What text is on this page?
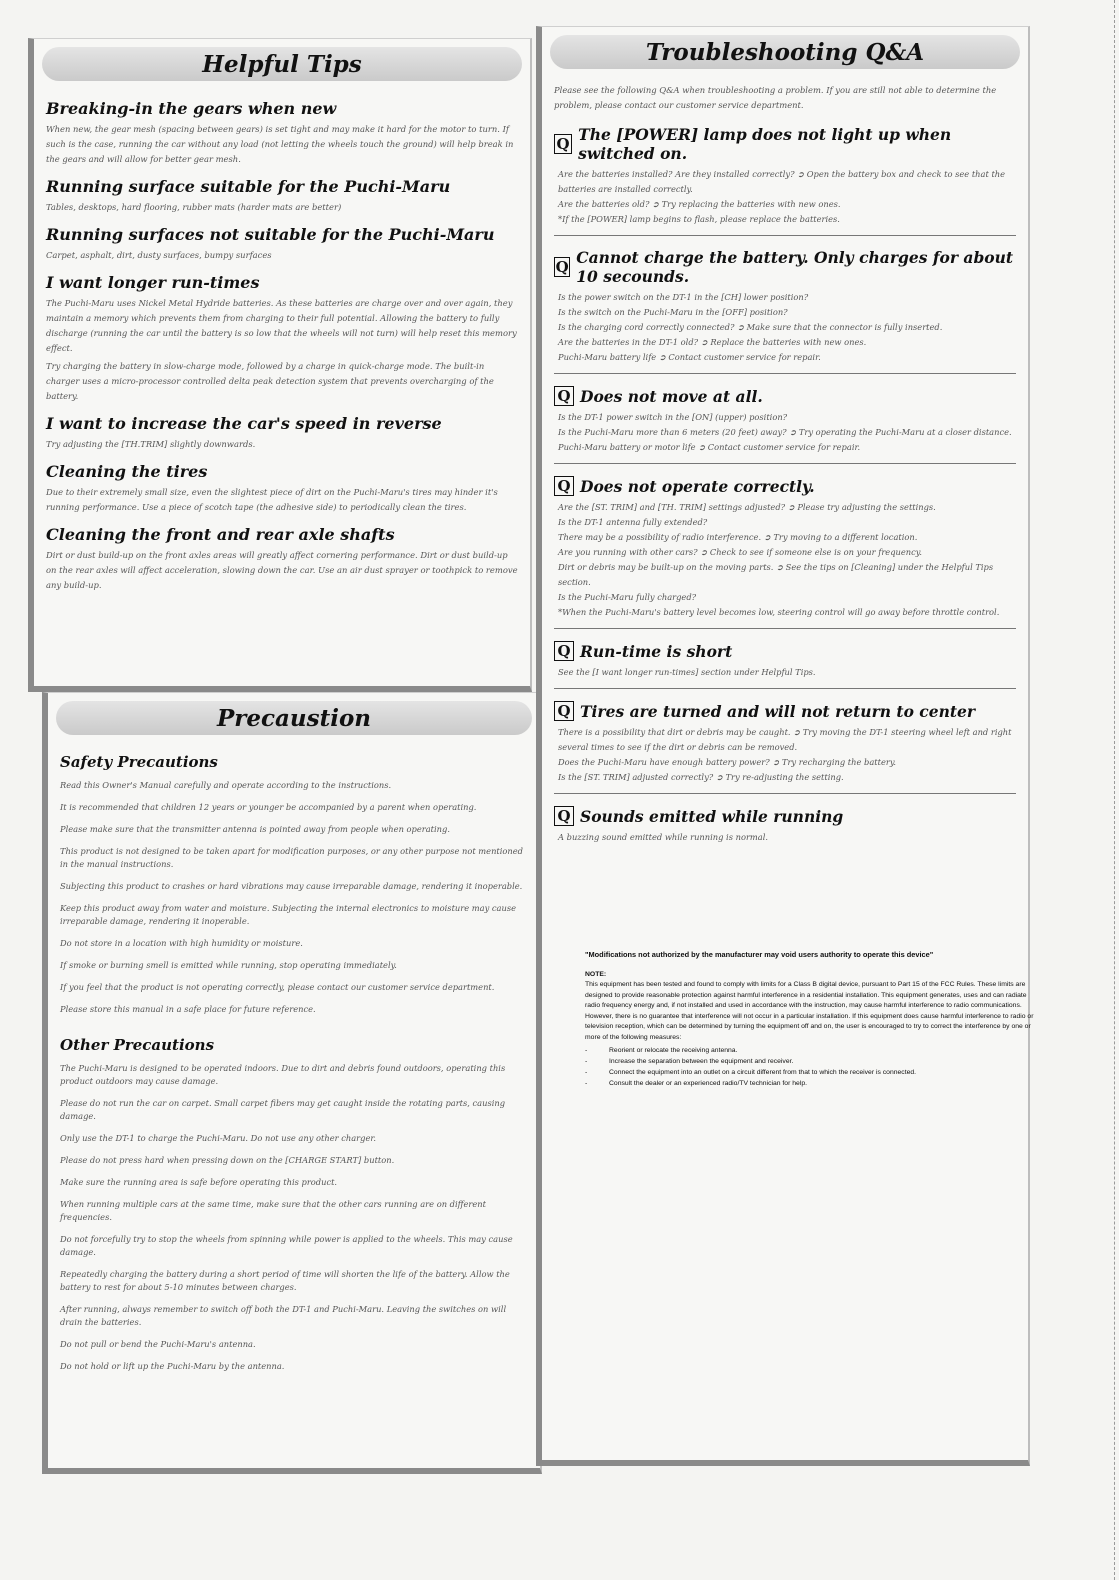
Helpful Tips
Breaking-in the gears when new

When new, the gear mesh (spacing between gears) is set tight and may make it hard for the motor to turn. If such is the case, running the car without any load (not letting the wheels touch the ground) will help break in the gears and will allow for better gear mesh.

Running surface suitable for the Puchi-Maru

Tables, desktops, hard flooring, rubber mats (harder mats are better)

Running surfaces not suitable for the Puchi-Maru

Carpet, asphalt, dirt, dusty surfaces, bumpy surfaces

I want longer run-times

The Puchi-Maru uses Nickel Metal Hydride batteries. As these batteries are charge over and over again, they maintain a memory which prevents them from charging to their full potential. Allowing the battery to fully discharge (running the car until the battery is so low that the wheels will not turn) will help reset this memory effect.

Try charging the battery in slow-charge mode, followed by a charge in quick-charge mode. The built-in charger uses a micro-processor controlled delta peak detection system that prevents overcharging of the battery.

I want to increase the car's speed in reverse

Try adjusting the [TH.TRIM] slightly downwards.

Cleaning the tires

Due to their extremely small size, even the slightest piece of dirt on the Puchi-Maru's tires may hinder it's running performance. Use a piece of scotch tape (the adhesive side) to periodically clean the tires.

Cleaning the front and rear axle shafts

Dirt or dust build-up on the front axles areas will greatly affect cornering performance. Dirt or dust build-up on the rear axles will affect acceleration, slowing down the car. Use an air dust sprayer or toothpick to remove any build-up.

Precaustion
Safety Precautions

Read this Owner's Manual carefully and operate according to the instructions.

It is recommended that children 12 years or younger be accompanied by a parent when operating.

Please make sure that the transmitter antenna is pointed away from people when operating.

This product is not designed to be taken apart for modification purposes, or any other purpose not mentioned in the manual instructions.

Subjecting this product to crashes or hard vibrations may cause irreparable damage, rendering it inoperable.

Keep this product away from water and moisture. Subjecting the internal electronics to moisture may cause irreparable damage, rendering it inoperable.

Do not store in a location with high humidity or moisture.

If smoke or burning smell is emitted while running, stop operating immediately.

If you feel that the product is not operating correctly, please contact our customer service department.

Please store this manual in a safe place for future reference.

Other Precautions

The Puchi-Maru is designed to be operated indoors. Due to dirt and debris found outdoors, operating this product outdoors may cause damage.

Please do not run the car on carpet. Small carpet fibers may get caught inside the rotating parts, causing damage.

Only use the DT-1 to charge the Puchi-Maru. Do not use any other charger.

Please do not press hard when pressing down on the [CHARGE START] button.

Make sure the running area is safe before operating this product.

When running multiple cars at the same time, make sure that the other cars running are on different frequencies.

Do not forcefully try to stop the wheels from spinning while power is applied to the wheels. This may cause damage.

Repeatedly charging the battery during a short period of time will shorten the life of the battery. Allow the battery to rest for about 5-10 minutes between charges.

After running, always remember to switch off both the DT-1 and Puchi-Maru. Leaving the switches on will drain the batteries.

Do not pull or bend the Puchi-Maru's antenna.

Do not hold or lift up the Puchi-Maru by the antenna.

Troubleshooting Q&A

Please see the following Q&A when troubleshooting a problem. If you are still not able to determine the problem, please contact our customer service department.

Q The [POWER] lamp does not light up when switched on.

Are the batteries installed? Are they installed correctly? ➲ Open the battery box and check to see that the batteries are installed correctly.

Are the batteries old? ➲ Try replacing the batteries with new ones.

*If the [POWER] lamp begins to flash, please replace the batteries.

Q Cannot charge the battery. Only charges for about 10 secounds.

Is the power switch on the DT-1 in the [CH] lower position?

Is the switch on the Puchi-Maru in the [OFF] position?

Is the charging cord correctly connected? ➲ Make sure that the connector is fully inserted.

Are the batteries in the DT-1 old? ➲ Replace the batteries with new ones.

Puchi-Maru battery life ➲ Contact customer service for repair.

Q Does not move at all.

Is the DT-1 power switch in the [ON] (upper) position?

Is the Puchi-Maru more than 6 meters (20 feet) away? ➲ Try operating the Puchi-Maru at a closer distance.

Puchi-Maru battery or motor life ➲ Contact customer service for repair.

Q Does not operate correctly.

Are the [ST. TRIM] and [TH. TRIM] settings adjusted? ➲ Please try adjusting the settings.

Is the DT-1 antenna fully extended?

There may be a possibility of radio interference. ➲ Try moving to a different location.

Are you running with other cars? ➲ Check to see if someone else is on your frequency.

Dirt or debris may be built-up on the moving parts. ➲ See the tips on [Cleaning] under the Helpful Tips section.

Is the Puchi-Maru fully charged?

*When the Puchi-Maru's battery level becomes low, steering control will go away before throttle control.

Q Run-time is short

See the [I want longer run-times] section under Helpful Tips.

Q Tires are turned and will not return to center

There is a possibility that dirt or debris may be caught. ➲ Try moving the DT-1 steering wheel left and right several times to see if the dirt or debris can be removed.

Does the Puchi-Maru have enough battery power? ➲ Try recharging the battery.

Is the [ST. TRIM] adjusted correctly? ➲ Try re-adjusting the setting.

Q Sounds emitted while running

A buzzing sound emitted while running is normal.

"Modifications not authorized by the manufacturer may void users authority to operate this device"

NOTE:

This equipment has been tested and found to comply with limits for a Class B digital device, pursuant to Part 15 of the FCC Rules. These limits are designed to provide reasonable protection against harmful interference in a residential installation. This equipment generates, uses and can radiate radio frequency energy and, if not installed and used in accordance with the instruction, may cause harmful interference to radio communications. However, there is no guarantee that interference will not occur in a particular installation. If this equipment does cause harmful interference to radio or television reception, which can be determined by turning the equipment off and on, the user is encouraged to try to correct the interference by one or more of the following measures:

-	Reorient or relocate the receiving antenna.
-	Increase the separation between the equipment and receiver.
-	Connect the equipment into an outlet on a circuit different from that to which the receiver is connected.
-	Consult the dealer or an experienced radio/TV technician for help.
